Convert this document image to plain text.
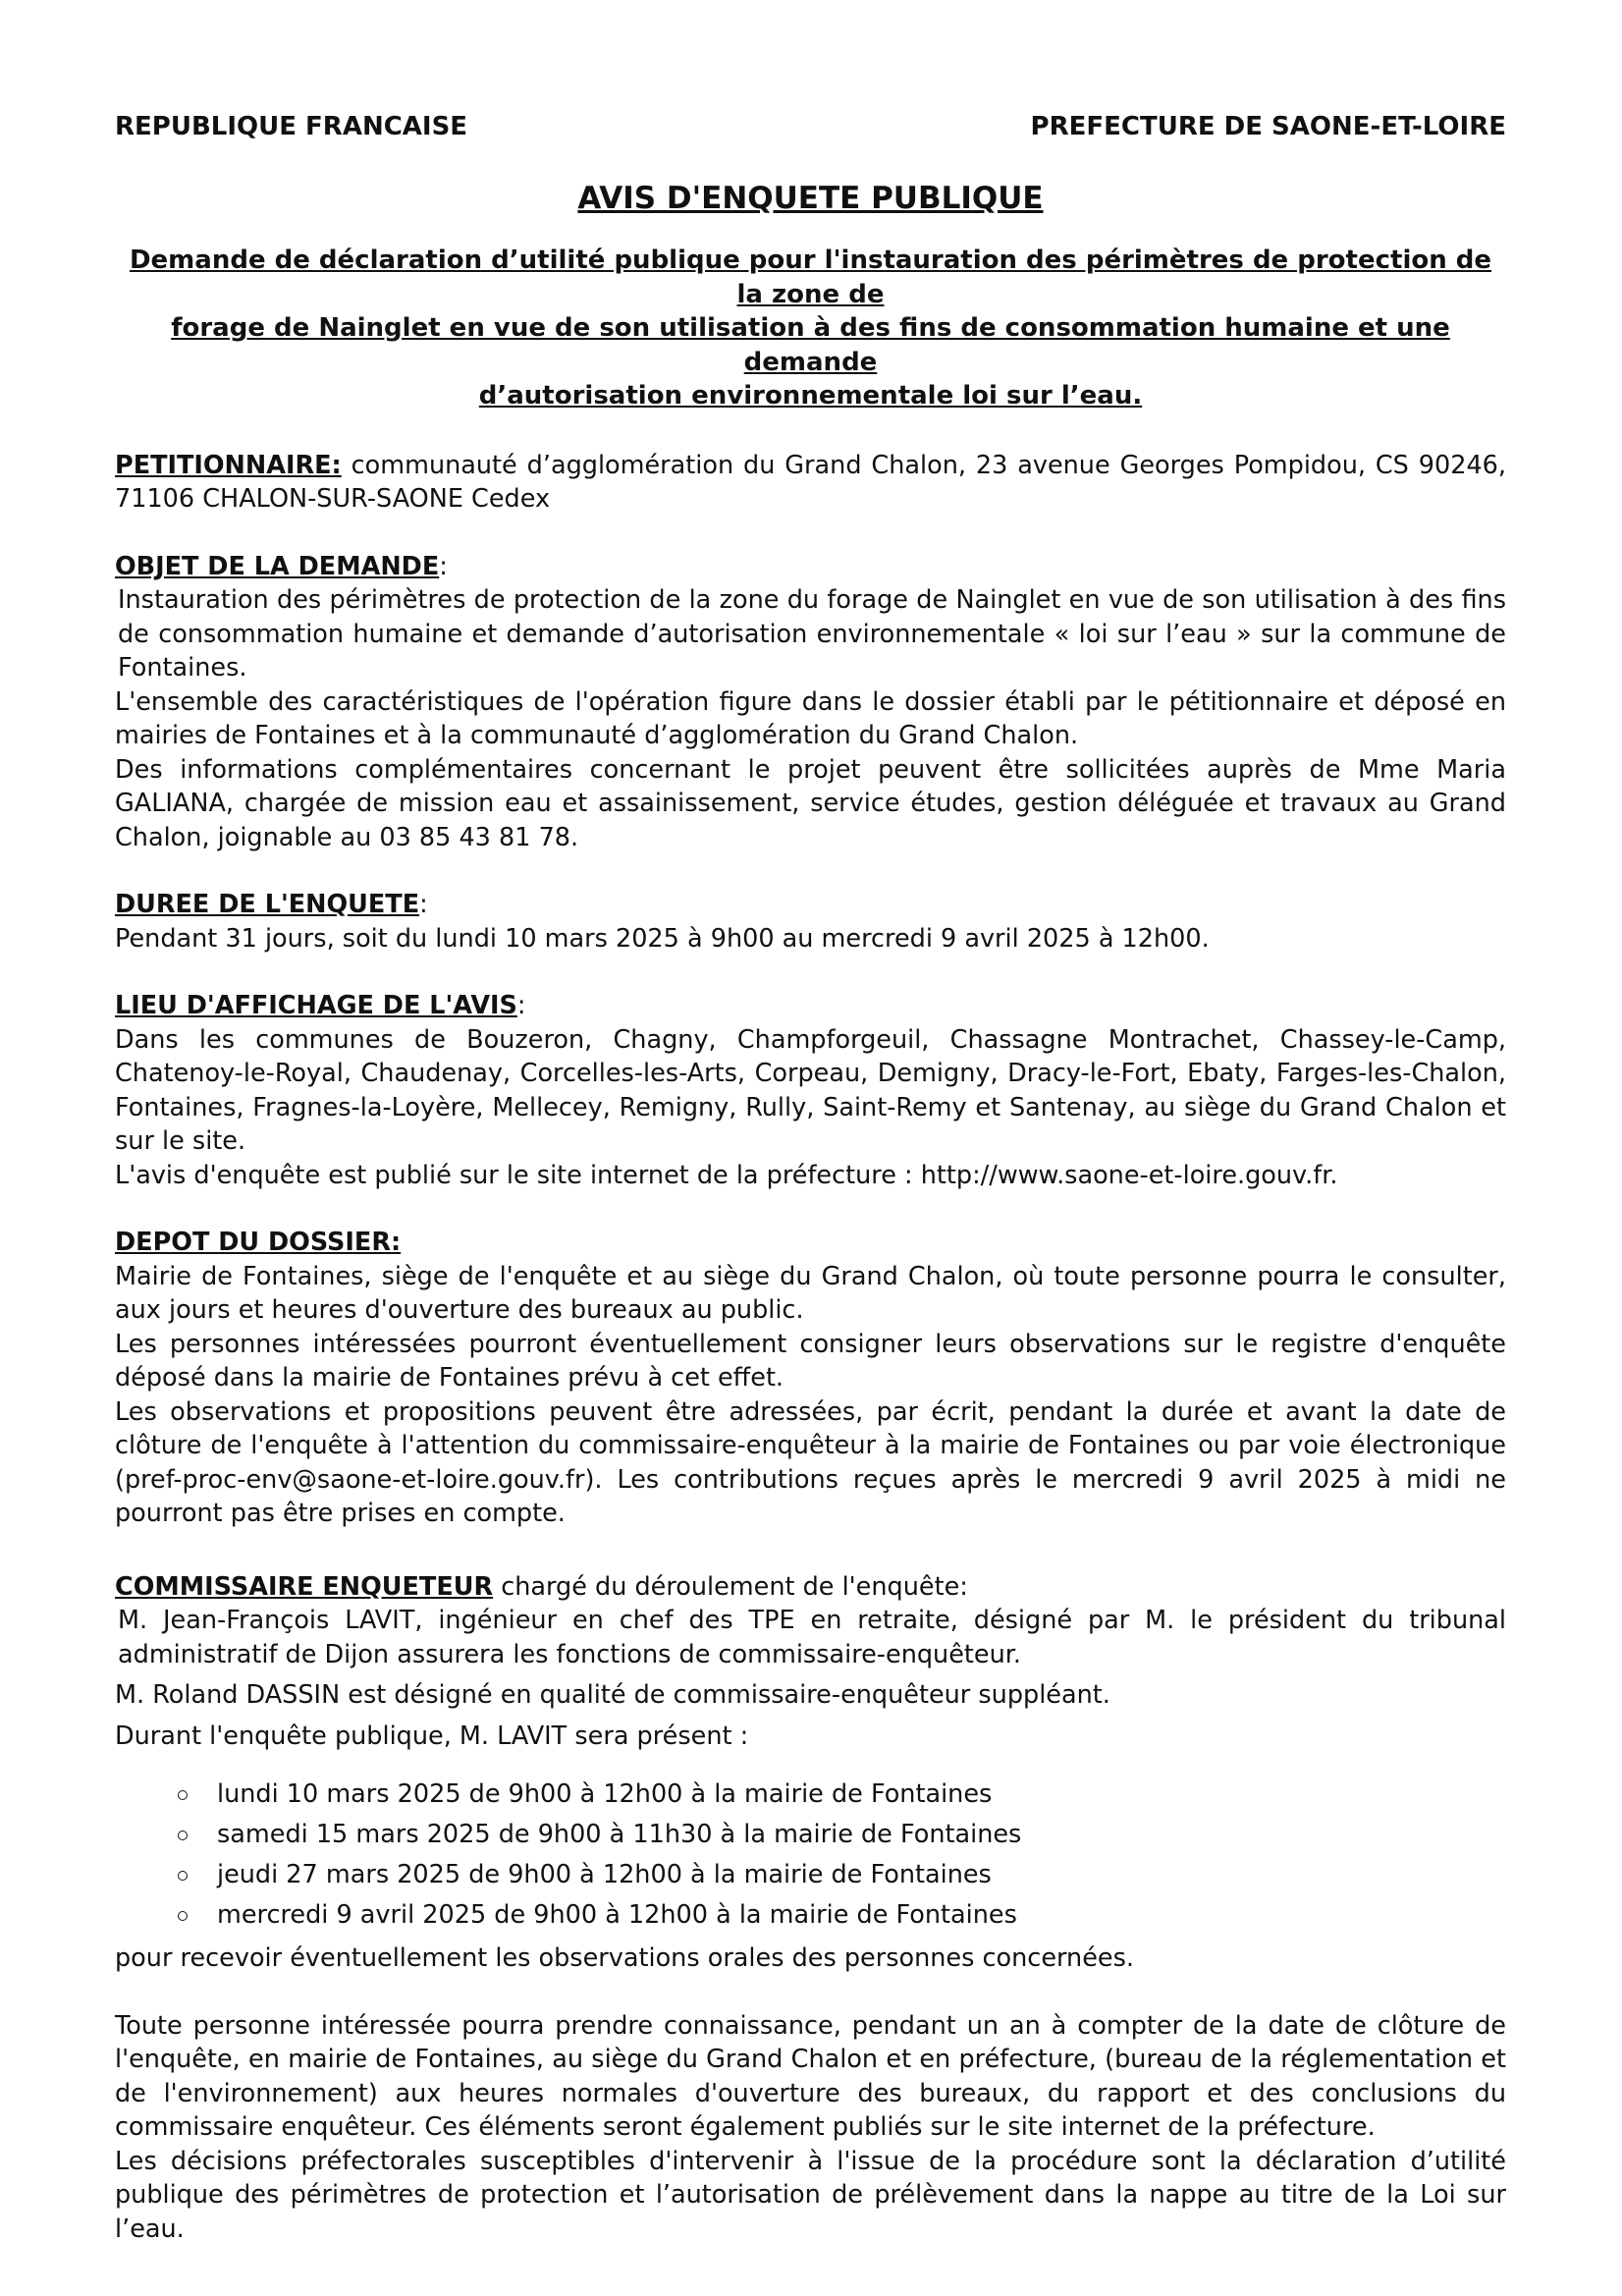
REPUBLIQUE FRANCAISE	PREFECTURE DE SAONE-ET-LOIRE
AVIS D'ENQUETE PUBLIQUE
Demande de déclaration d’utilité publique pour l'instauration des périmètres de protection de la zone de
forage de Nainglet en vue de son utilisation à des fins de consommation humaine et une demande
d’autorisation environnementale loi sur l’eau.

PETITIONNAIRE: communauté d’agglomération du Grand Chalon, 23 avenue Georges Pompidou, CS 90246, 71106 CHALON-SUR-SAONE Cedex

OBJET DE LA DEMANDE:

Instauration des périmètres de protection de la zone du forage de Nainglet en vue de son utilisation à des fins de consommation humaine et demande d’autorisation environnementale « loi sur l’eau » sur la commune de Fontaines.

L'ensemble des caractéristiques de l'opération figure dans le dossier établi par le pétitionnaire et déposé en mairies de Fontaines et à la communauté d’agglomération du Grand Chalon.

Des informations complémentaires concernant le projet peuvent être sollicitées auprès de Mme Maria GALIANA, chargée de mission eau et assainissement, service études, gestion déléguée et travaux au Grand Chalon, joignable au 03 85 43 81 78.

DUREE DE L'ENQUETE:

Pendant 31 jours, soit du lundi 10 mars 2025 à 9h00 au mercredi 9 avril 2025 à 12h00.

LIEU D'AFFICHAGE DE L'AVIS:

Dans les communes de Bouzeron, Chagny, Champforgeuil, Chassagne Montrachet, Chassey-le-Camp, Chatenoy-le-Royal, Chaudenay, Corcelles-les-Arts, Corpeau, Demigny, Dracy-le-Fort, Ebaty, Farges-les-Chalon, Fontaines, Fragnes-la-Loyère, Mellecey, Remigny, Rully, Saint-Remy et Santenay, au siège du Grand Chalon et sur le site.

L'avis d'enquête est publié sur le site internet de la préfecture : http://www.saone-et-loire.gouv.fr.

DEPOT DU DOSSIER:

Mairie de Fontaines, siège de l'enquête et au siège du Grand Chalon, où toute personne pourra le consulter, aux jours et heures d'ouverture des bureaux au public.

Les personnes intéressées pourront éventuellement consigner leurs observations sur le registre d'enquête déposé dans la mairie de Fontaines prévu à cet effet.

Les observations et propositions peuvent être adressées, par écrit, pendant la durée et avant la date de clôture de l'enquête à l'attention du commissaire-enquêteur à la mairie de Fontaines ou par voie électronique (pref-proc-env@saone-et-loire.gouv.fr). Les contributions reçues après le mercredi 9 avril 2025 à midi ne pourront pas être prises en compte.

COMMISSAIRE ENQUETEUR chargé du déroulement de l'enquête:

M. Jean-François LAVIT, ingénieur en chef des TPE en retraite, désigné par M. le président du tribunal administratif de Dijon assurera les fonctions de commissaire-enquêteur.

M. Roland DASSIN est désigné en qualité de commissaire-enquêteur suppléant.

Durant l'enquête publique, M. LAVIT sera présent :

lundi 10 mars 2025 de 9h00 à 12h00 à la mairie de Fontaines
samedi 15 mars 2025 de 9h00 à 11h30 à la mairie de Fontaines
jeudi 27 mars 2025 de 9h00 à 12h00 à la mairie de Fontaines
mercredi 9 avril 2025 de 9h00 à 12h00 à la mairie de Fontaines

pour recevoir éventuellement les observations orales des personnes concernées.

Toute personne intéressée pourra prendre connaissance, pendant un an à compter de la date de clôture de l'enquête, en mairie de Fontaines, au siège du Grand Chalon et en préfecture, (bureau de la réglementation et de l'environnement) aux heures normales d'ouverture des bureaux, du rapport et des conclusions du commissaire enquêteur. Ces éléments seront également publiés sur le site internet de la préfecture.

Les décisions préfectorales susceptibles d'intervenir à l'issue de la procédure sont la déclaration d’utilité publique des périmètres de protection et l’autorisation de prélèvement dans la nappe au titre de la Loi sur l’eau.
